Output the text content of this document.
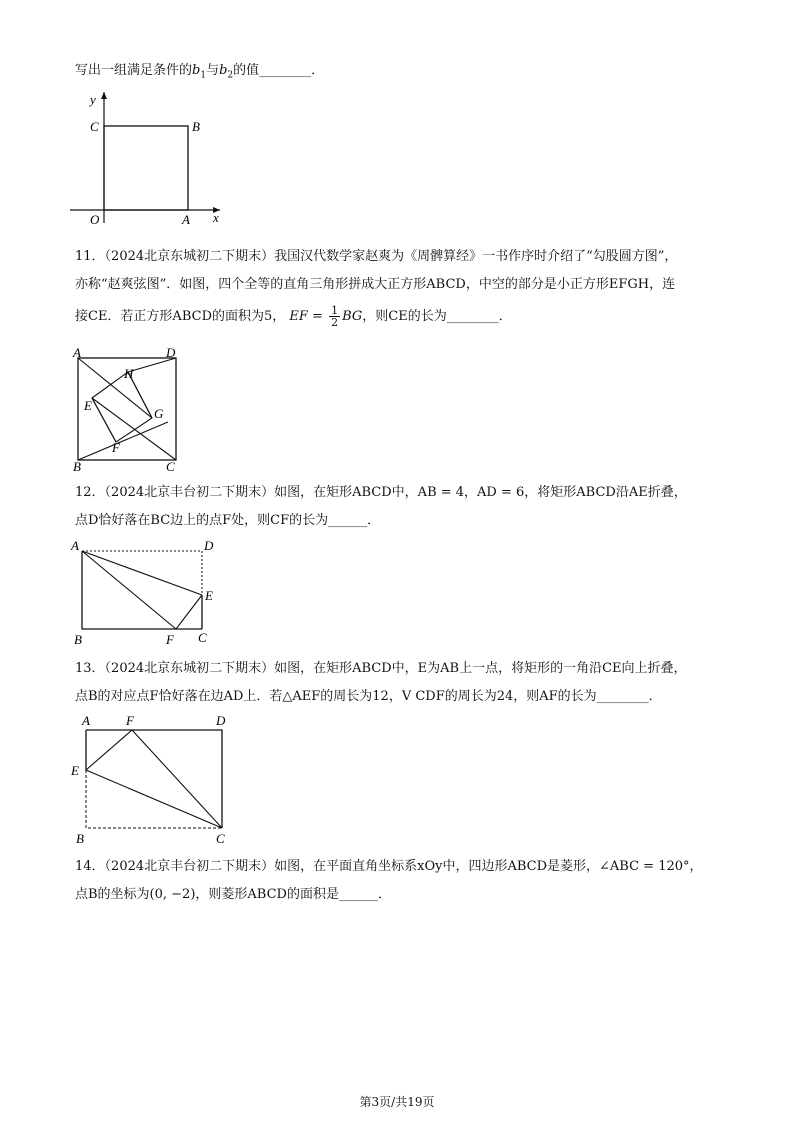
写出一组满足条件的$b_1$与$b_2$的值________．
y
x
O	A
B
C
11．（2024北京东城初二下期末）我国汉代数学家赵爽为《周髀算经》一书作序时介绍了“勾股圆方图”，
亦称“赵爽弦图”．如图，四个全等的直角三角形拼成大正方形ABCD，中空的部分是小正方形EFGH，连
接CE．若正方形ABCD的面积为5， EF = $\frac{1}{2}$ BG，则CE的长为________．
A	D
B	C
E
H
G
F
12．（2024北京丰台初二下期末）如图，在矩形ABCD中，AB = 4，AD = 6，将矩形ABCD沿AE折叠，
点D恰好落在BC边上的点F处，则CF的长为______．
A	D
E
B	F C
13．（2024北京东城初二下期末）如图，在矩形ABCD中，E为AB上一点，将矩形的一角沿CE向上折叠，
点B的对应点F恰好落在边AD上．若△AEF的周长为12，V CDF的周长为24，则AF的长为________．
A	F	D
E
B	C
14．（2024北京丰台初二下期末）如图，在平面直角坐标系xOy中，四边形ABCD是菱形，∠ABC = 120°，
点B的坐标为(0, −2)，则菱形ABCD的面积是______．
第3页/共19页
